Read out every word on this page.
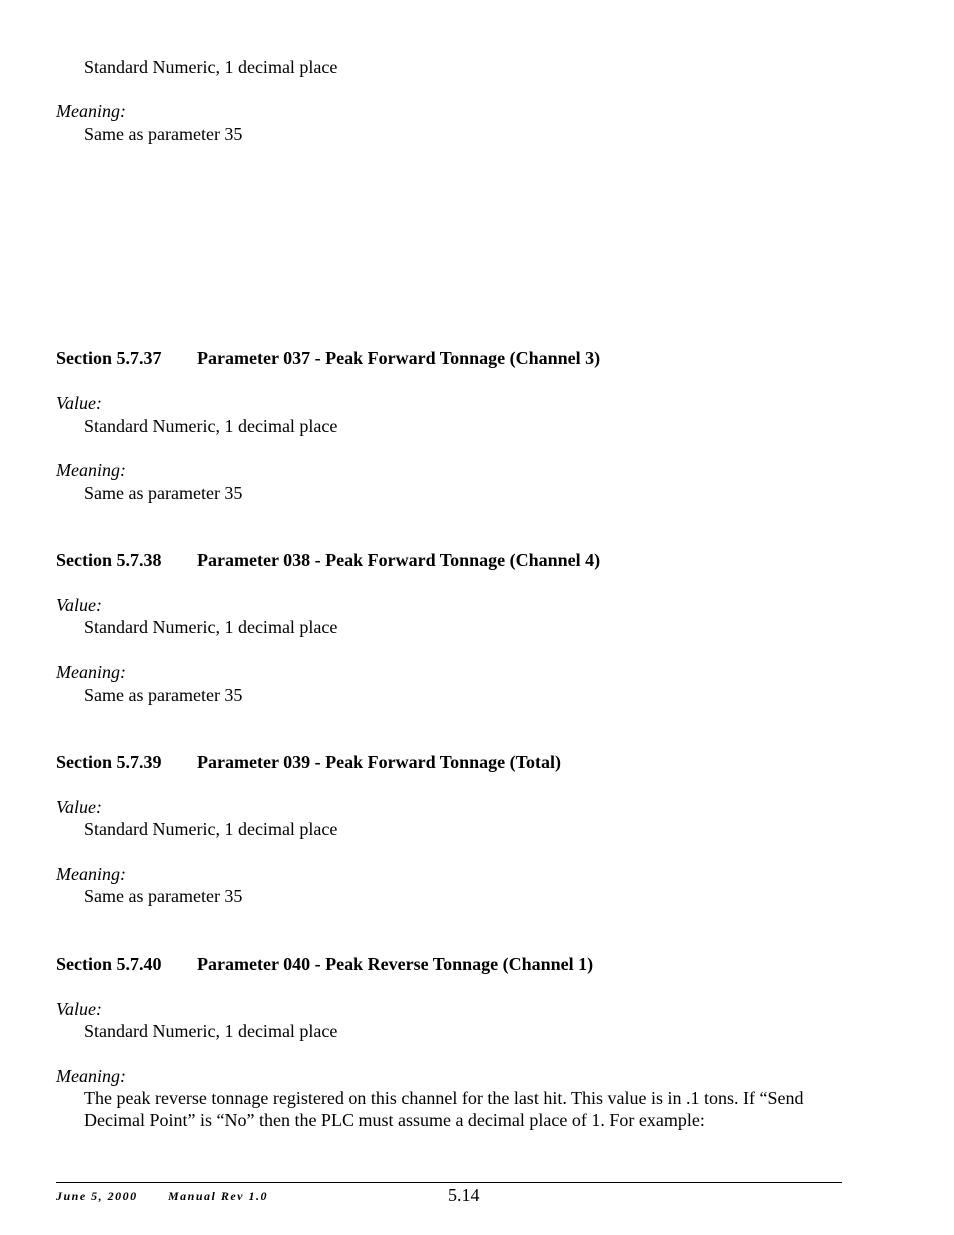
Standard Numeric, 1 decimal place
Meaning:
Same as parameter 35
Section 5.7.37 Parameter 037 - Peak Forward Tonnage (Channel 3)
Value:
Standard Numeric, 1 decimal place
Meaning:
Same as parameter 35
Section 5.7.38 Parameter 038 - Peak Forward Tonnage (Channel 4)
Value:
Standard Numeric, 1 decimal place
Meaning:
Same as parameter 35
Section 5.7.39 Parameter 039 - Peak Forward Tonnage (Total)
Value:
Standard Numeric, 1 decimal place
Meaning:
Same as parameter 35
Section 5.7.40 Parameter 040 - Peak Reverse Tonnage (Channel 1)
Value:
Standard Numeric, 1 decimal place
Meaning:
The peak reverse tonnage registered on this channel for the last hit. This value is in .1 tons. If “Send Decimal Point” is “No” then the PLC must assume a decimal place of 1. For example:
June 5, 2000	Manual Rev 1.0	5.14
